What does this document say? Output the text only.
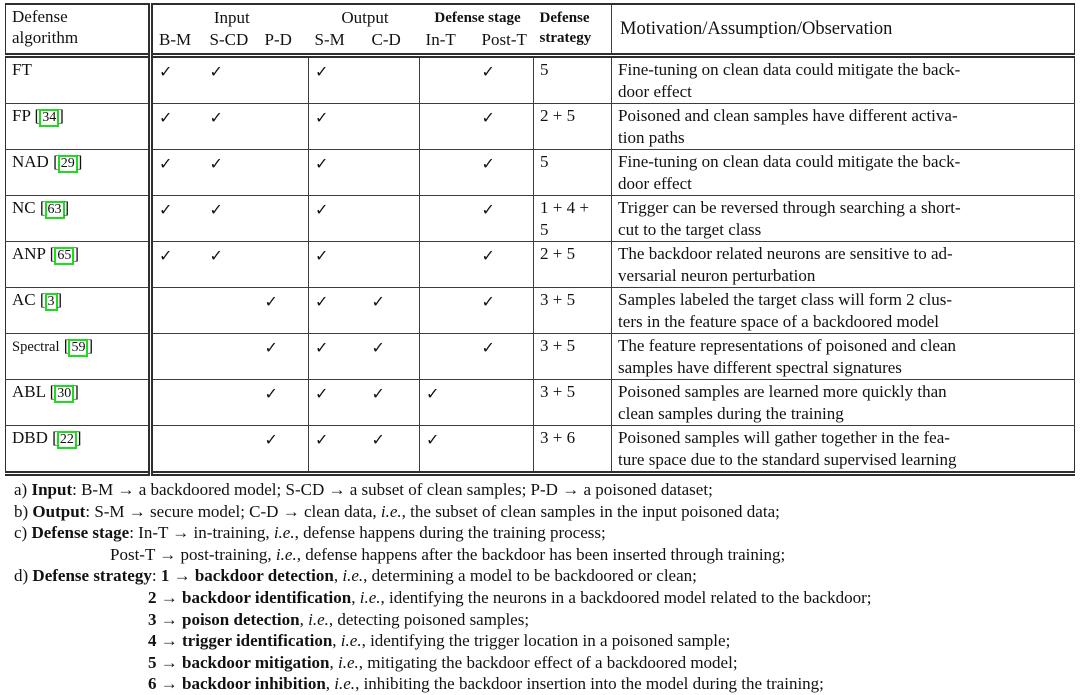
Defense
algorithm	Input			Output		Defense stage		Defense
strategy	Motivation/Assumption/Observation
	B-M	S-CD	P-D	S-M	C-D	In-T	Post-T		
FT	✓	✓		✓			✓	5	Fine-tuning on clean data could mitigate the back-
door effect
FP [ 34 ]	✓	✓		✓			✓	2 + 5	Poisoned and clean samples have different activa-
tion paths
NAD [ 29 ]	✓	✓		✓			✓	5	Fine-tuning on clean data could mitigate the back-
door effect
NC [ 63 ]	✓	✓		✓			✓	1 + 4 +
5	Trigger can be reversed through searching a short-
cut to the target class
ANP [ 65 ]	✓	✓		✓			✓	2 + 5	The backdoor related neurons are sensitive to ad-
versarial neuron perturbation
AC [ 3 ]			✓	✓	✓		✓	3 + 5	Samples labeled the target class will form 2 clus-
ters in the feature space of a backdoored model
Spectral [ 59 ]			✓	✓	✓		✓	3 + 5	The feature representations of poisoned and clean
samples have different spectral signatures
ABL [ 30 ]			✓	✓	✓	✓		3 + 5	Poisoned samples are learned more quickly than
clean samples during the training
DBD [ 22 ]			✓	✓	✓	✓		3 + 6	Poisoned samples will gather together in the fea-
ture space due to the standard supervised learning
a) Input: B-M → a backdoored model; S-CD → a subset of clean samples; P-D → a poisoned dataset;
b) Output: S-M → secure model; C-D → clean data, i.e., the subset of clean samples in the input poisoned data;
c) Defense stage: In-T → in-training, i.e., defense happens during the training process;
Post-T → post-training, i.e., defense happens after the backdoor has been inserted through training;
d) Defense strategy: 1 → backdoor detection, i.e., determining a model to be backdoored or clean;
2 → backdoor identification, i.e., identifying the neurons in a backdoored model related to the backdoor;
3 → poison detection, i.e., detecting poisoned samples;
4 → trigger identification, i.e., identifying the trigger location in a poisoned sample;
5 → backdoor mitigation, i.e., mitigating the backdoor effect of a backdoored model;
6 → backdoor inhibition, i.e., inhibiting the backdoor insertion into the model during the training;
